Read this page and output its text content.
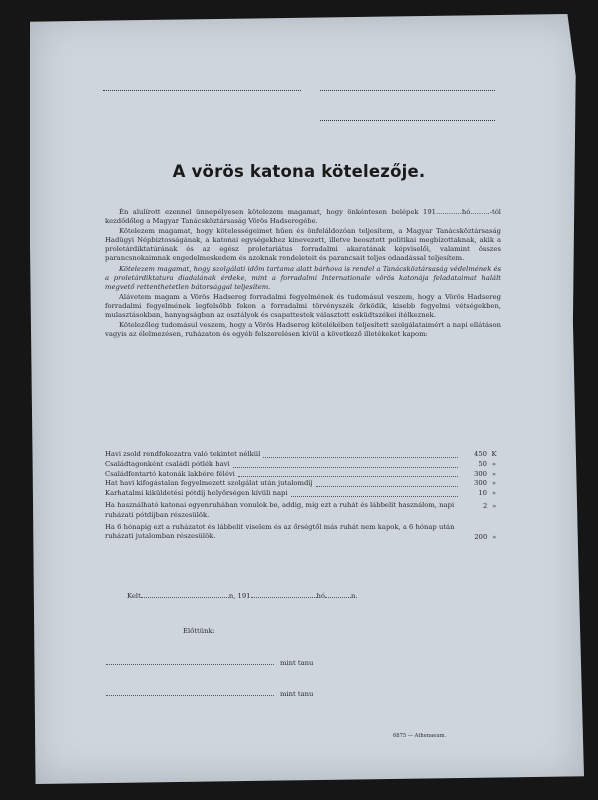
A vörös katona kötelezője.

Én alulírott ezennel ünnepélyesen kötelezem magamat, hogy önkéntesen belépek 191............hó.........-tól kezdődőleg a Magyar Tanácsköztársaság Vörös Hadseregébe.

Kötelezem magamat, hogy kötelességeimet hűen és önfeláldozóan teljesítem, a Magyar Tanácsköztársaság Hadügyi Népbiztosságának, a katonai egységekhez kinevezett, illetve beosztott politikai megbízottaknak, akik a proletárdiktatúrának és az egész proletariátus forradalmi akaratának képviselői, valamint összes parancsnokaimnak engedelmeskedem és azoknak rendeleteit és parancsait teljes odaadással teljesítem.

Kötelezem magamat, hogy szolgálati időm tartama alatt bárhova is rendel a Tanácsköztársaság védelmének és a proletárdiktatura diadalának érdeke, mint a forradalmi Internationale vörös katonája feladataimat halált megvető rettenthetetlen bátorsággal teljesítem.

Alávetem magam a Vörös Hadsereg forradalmi fegyelmének és tudomásul veszem, hogy a Vörös Hadsereg forradalmi fegyelmének legfelsőbb fokon a forradalmi törvényszék őrködik, kisebb fegyelmi vétségekben, mulasztásokban, hanyagságban az osztályok és csapattestek választott esküdtszékei ítélkeznek.

Kötelezőleg tudomásul veszem, hogy a Vörös Hadsereg kötelékében teljesített szolgálataimért a napi ellátáson vagyis az élelmezésen, ruházaton és egyéb felszerelésen kívül a következő illetékeket kapom:

Havi zsold rendfokozatra való tekintet nélkül	450 K
Családtagonként családi pótlék havi	50 »
Családfentartó katonák lakbére félévi	300 »
Hat havi kifogástalan fegyelmezett szolgálat után jutalomdíj	300 »
Karhatalmi kiküldetési pótdíj helyőrségen kívüli napi	10 »
Ha használható katonai egyenruhában vonulok be, addig, míg ezt a ruhát és lábbelit használom, napi
ruházati pótdíjban részesülök.
2 »
Ha 6 hónapig ezt a ruházatot és lábbelit viselem és az őrségtől más ruhát nem kapok, a 6 hónap után
ruházati jutalomban részesülök.	200 »
Kelt	n, 191	hó	n.
Előttünk:
mint tanu
mint tanu
6875 — Athenaeum.
